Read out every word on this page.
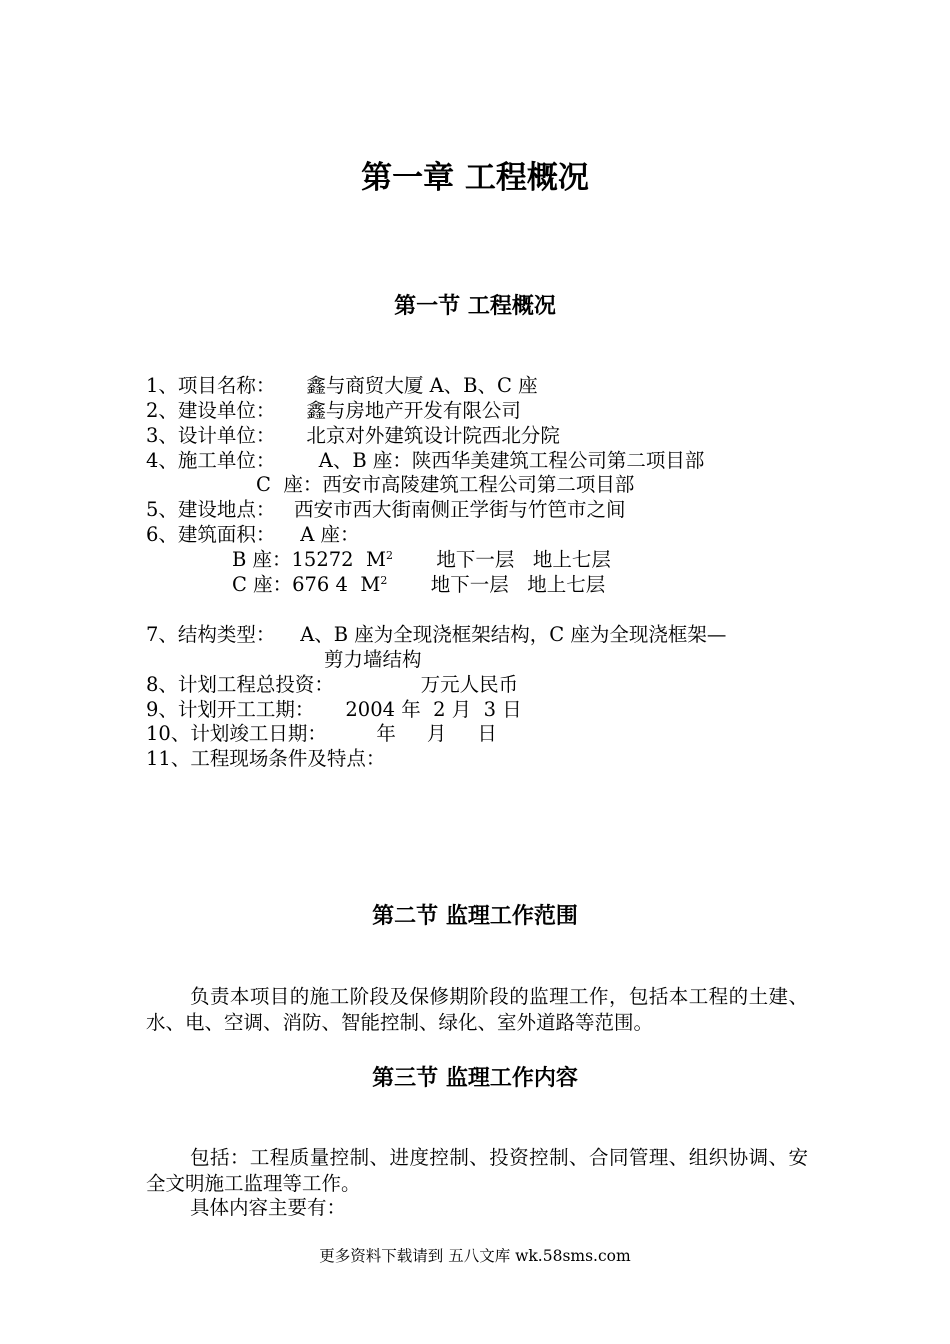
第一章 工程概况
第一节 工程概况
1、项目名称：     鑫与商贸大厦 A、B、C 座
2、建设单位：     鑫与房地产开发有限公司
3、设计单位：     北京对外建筑设计院西北分院
4、施工单位：       A、B 座：陕西华美建筑工程公司第二项目部
C  座：西安市高陵建筑工程公司第二项目部
5、建设地点：   西安市西大街南侧正学街与竹笆市之间
6、建筑面积：    A 座：
B 座：15272  $M^2$       地下一层   地上七层
C 座：676 4  $M^2$       地下一层   地上七层
7、结构类型：    A、B 座为全现浇框架结构，C 座为全现浇框架—
剪力墙结构
8、计划工程总投资：              万元人民币
9、计划开工工期：     2004 年  2 月  3 日
10、计划竣工日期：        年     月     日
11、工程现场条件及特点：
第二节 监理工作范围
负责本项目的施工阶段及保修期阶段的监理工作，包括本工程的土建、水、电、空调、消防、智能控制、绿化、室外道路等范围。
第三节 监理工作内容
包括：工程质量控制、进度控制、投资控制、合同管理、组织协调、安全文明施工监理等工作。
具体内容主要有：
更多资料下载请到 五八文库 wk.58sms.com
